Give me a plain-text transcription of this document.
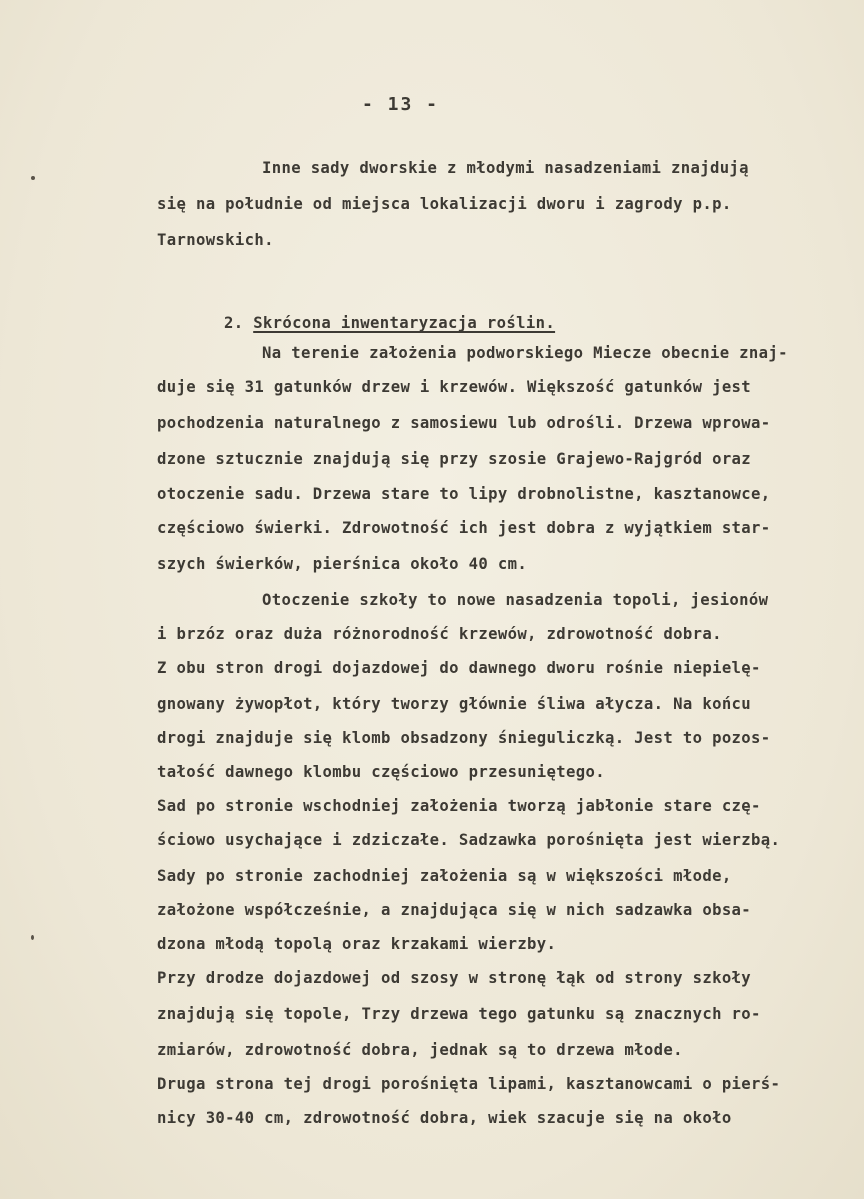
- 13 -
Inne sady dworskie z młodymi nasadzeniami znajdują
się na południe od miejsca lokalizacji dworu i zagrody p.p.
Tarnowskich.

2. Skrócona inwentaryzacja roślin.

Na terenie założenia podworskiego Miecze obecnie znaj-
duje się 31 gatunków drzew i krzewów. Większość gatunków jest
pochodzenia naturalnego z samosiewu lub odrośli. Drzewa wprowa-
dzone sztucznie znajdują się przy szosie Grajewo-Rajgród oraz
otoczenie sadu. Drzewa stare to lipy drobnolistne, kasztanowce,
częściowo świerki. Zdrowotność ich jest dobra z wyjątkiem star-
szych świerków, pierśnica około 40 cm.
Otoczenie szkoły to nowe nasadzenia topoli, jesionów
i brzóz oraz duża różnorodność krzewów, zdrowotność dobra.
Z obu stron drogi dojazdowej do dawnego dworu rośnie niepielę-
gnowany żywopłot, który tworzy głównie śliwa ałycza. Na końcu
drogi znajduje się klomb obsadzony śnieguliczką. Jest to pozos-
tałość dawnego klombu częściowo przesuniętego.
Sad po stronie wschodniej założenia tworzą jabłonie stare czę-
ściowo usychające i zdziczałe. Sadzawka porośnięta jest wierzbą.
Sady po stronie zachodniej założenia są w większości młode,
założone współcześnie, a znajdująca się w nich sadzawka obsa-
dzona młodą topolą oraz krzakami wierzby.
Przy drodze dojazdowej od szosy w stronę łąk od strony szkoły
znajdują się topole, Trzy drzewa tego gatunku są znacznych ro-
zmiarów, zdrowotność dobra, jednak są to drzewa młode.
Druga strona tej drogi porośnięta lipami, kasztanowcami o pierś-
nicy 30-40 cm, zdrowotność dobra, wiek szacuje się na około
